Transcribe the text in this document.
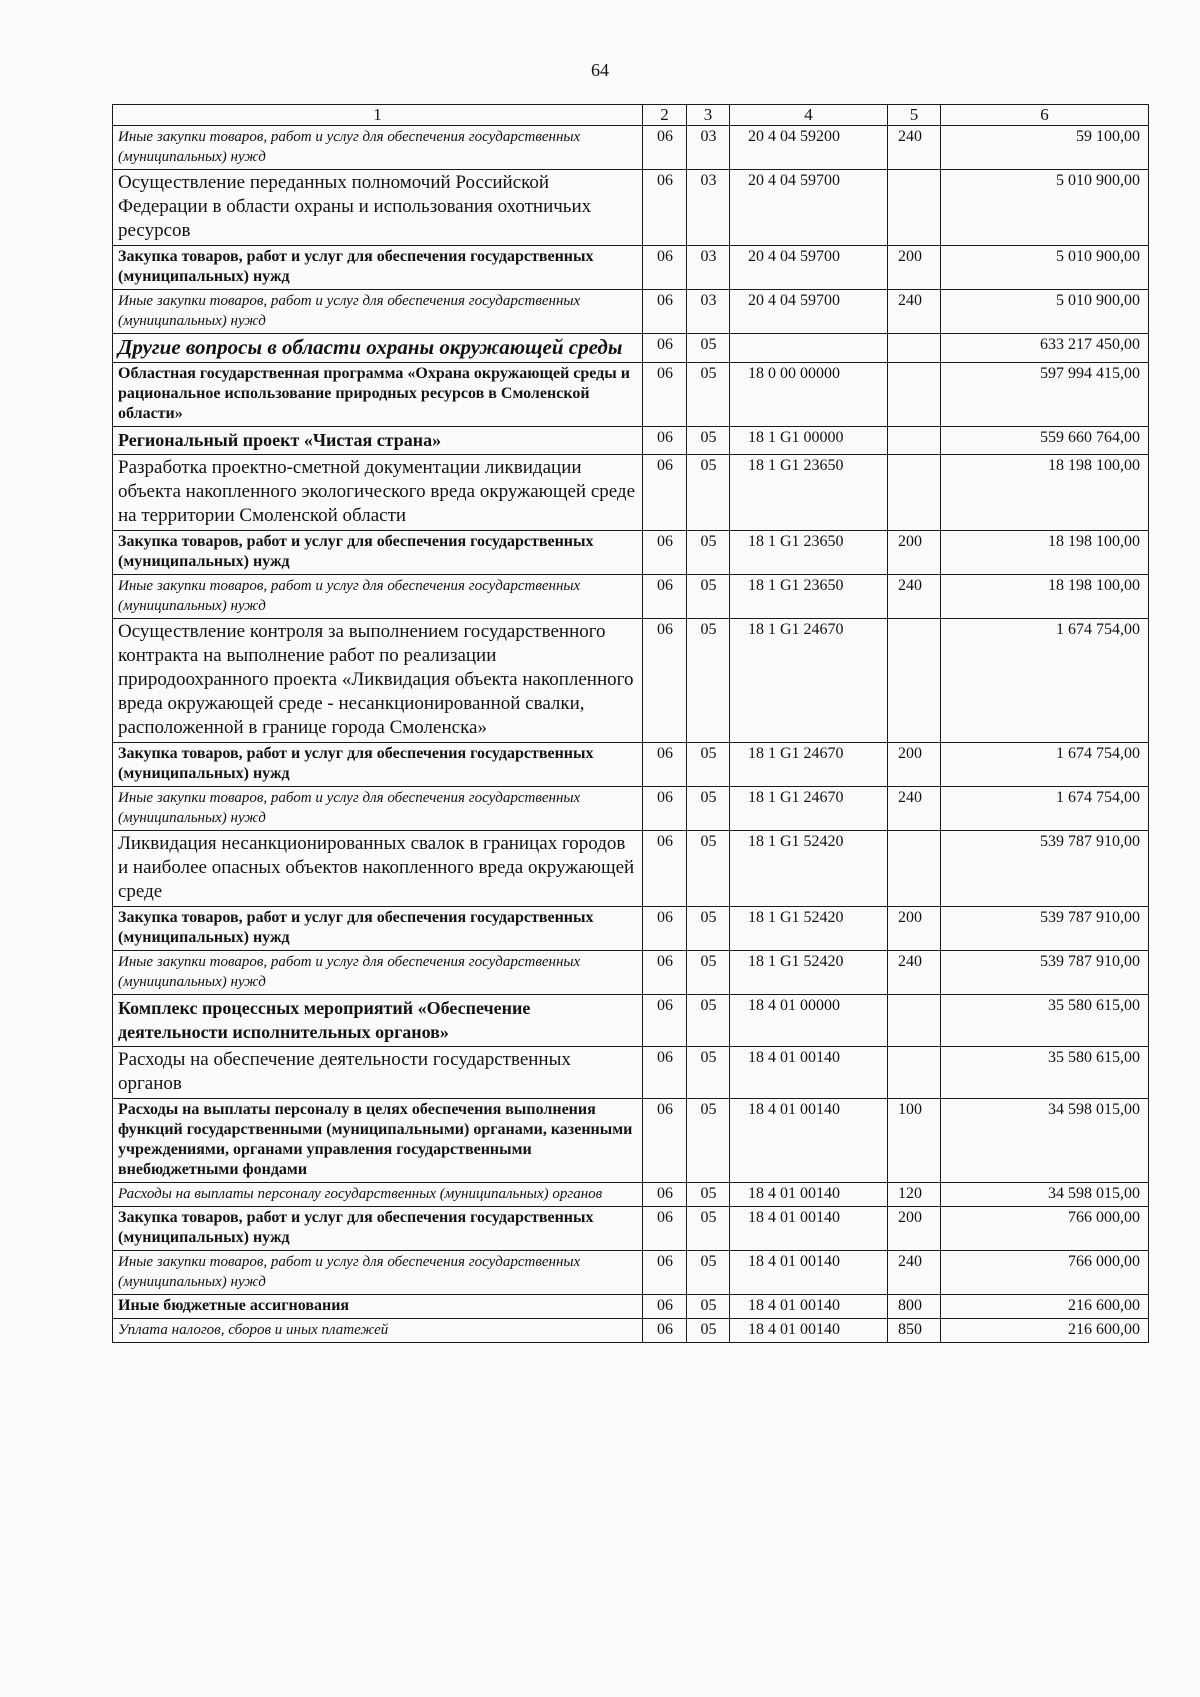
64
1	2	3	4	5	6
Иные закупки товаров, работ и услуг для обеспечения государственных (муниципальных) нужд	06	03	20 4 04 59200	240	59 100,00
Осуществление переданных полномочий Российской Федерации в области охраны и использования охотничьих ресурсов	06	03	20 4 04 59700		5 010 900,00
Закупка товаров, работ и услуг для обеспечения государственных (муниципальных) нужд	06	03	20 4 04 59700	200	5 010 900,00
Иные закупки товаров, работ и услуг для обеспечения государственных (муниципальных) нужд	06	03	20 4 04 59700	240	5 010 900,00
Другие вопросы в области охраны окружающей среды	06	05			633 217 450,00
Областная государственная программа «Охрана окружающей среды и рациональное использование природных ресурсов в Смоленской области»	06	05	18 0 00 00000		597 994 415,00
Региональный проект «Чистая страна»	06	05	18 1 G1 00000		559 660 764,00
Разработка проектно-сметной документации ликвидации объекта накопленного экологического вреда окружающей среде на территории Смоленской области	06	05	18 1 G1 23650		18 198 100,00
Закупка товаров, работ и услуг для обеспечения государственных (муниципальных) нужд	06	05	18 1 G1 23650	200	18 198 100,00
Иные закупки товаров, работ и услуг для обеспечения государственных (муниципальных) нужд	06	05	18 1 G1 23650	240	18 198 100,00
Осуществление контроля за выполнением государственного контракта на выполнение работ по реализации природоохранного проекта «Ликвидация объекта накопленного вреда окружающей среде - несанкционированной свалки, расположенной в границе города Смоленска»	06	05	18 1 G1 24670		1 674 754,00
Закупка товаров, работ и услуг для обеспечения государственных (муниципальных) нужд	06	05	18 1 G1 24670	200	1 674 754,00
Иные закупки товаров, работ и услуг для обеспечения государственных (муниципальных) нужд	06	05	18 1 G1 24670	240	1 674 754,00
Ликвидация несанкционированных свалок в границах городов и наиболее опасных объектов накопленного вреда окружающей среде	06	05	18 1 G1 52420		539 787 910,00
Закупка товаров, работ и услуг для обеспечения государственных (муниципальных) нужд	06	05	18 1 G1 52420	200	539 787 910,00
Иные закупки товаров, работ и услуг для обеспечения государственных (муниципальных) нужд	06	05	18 1 G1 52420	240	539 787 910,00
Комплекс процессных мероприятий «Обеспечение деятельности исполнительных органов»	06	05	18 4 01 00000		35 580 615,00
Расходы на обеспечение деятельности государственных органов	06	05	18 4 01 00140		35 580 615,00
Расходы на выплаты персоналу в целях обеспечения выполнения функций государственными (муниципальными) органами, казенными учреждениями, органами управления государственными внебюджетными фондами	06	05	18 4 01 00140	100	34 598 015,00
Расходы на выплаты персоналу государственных (муниципальных) органов	06	05	18 4 01 00140	120	34 598 015,00
Закупка товаров, работ и услуг для обеспечения государственных (муниципальных) нужд	06	05	18 4 01 00140	200	766 000,00
Иные закупки товаров, работ и услуг для обеспечения государственных (муниципальных) нужд	06	05	18 4 01 00140	240	766 000,00
Иные бюджетные ассигнования	06	05	18 4 01 00140	800	216 600,00
Уплата налогов, сборов и иных платежей	06	05	18 4 01 00140	850	216 600,00
